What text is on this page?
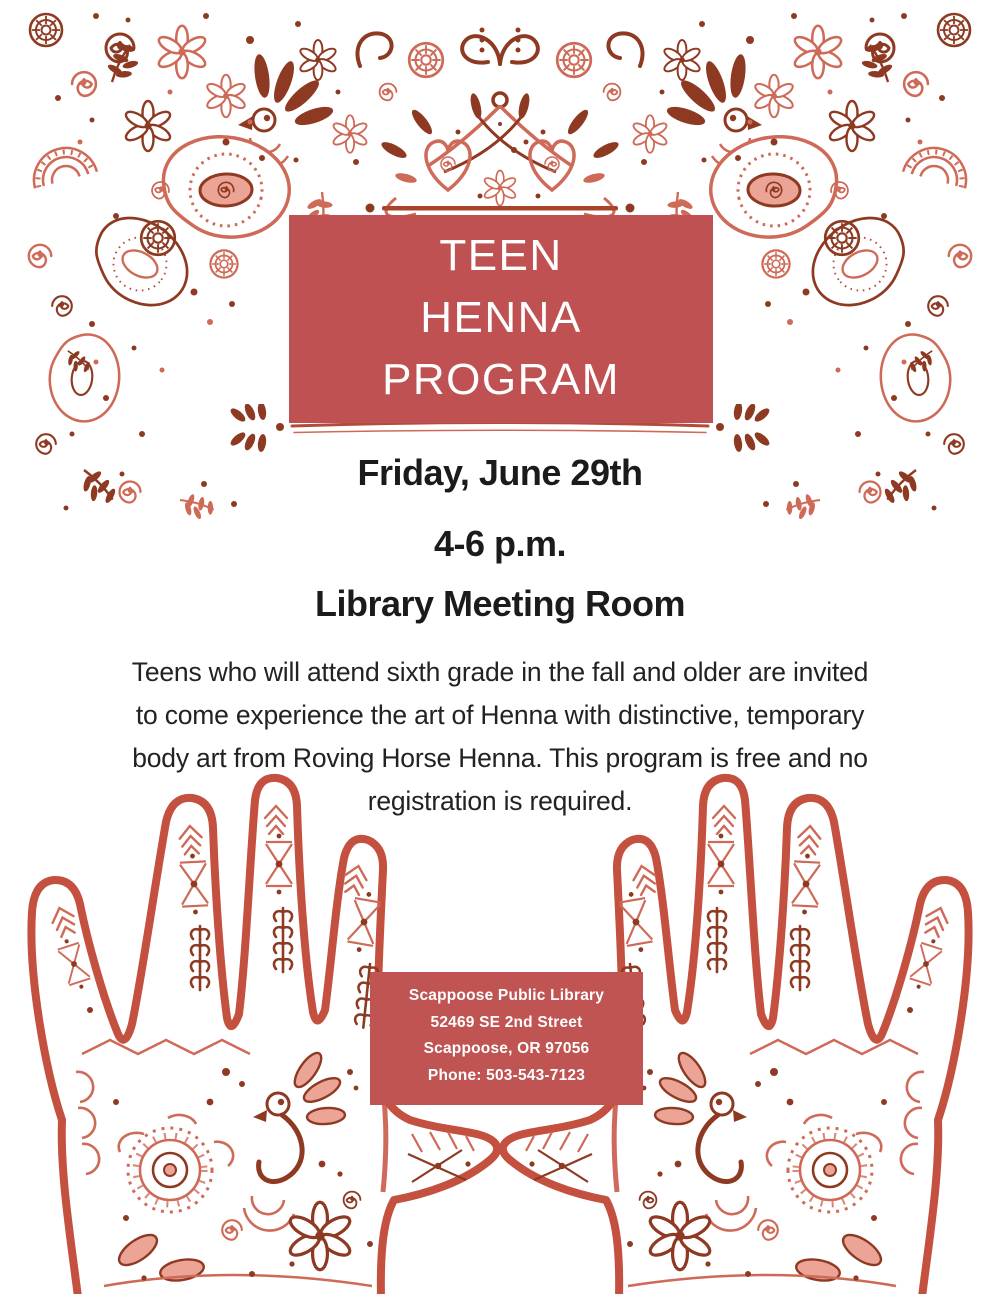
TEEN
HENNA
PROGRAM
Friday, June 29th
4-6 p.m.
Library Meeting Room
Teens who will attend sixth grade in the fall and older are invited
to come experience the art of Henna with distinctive, temporary
body art from Roving Horse Henna. This program is free and no
registration is required.
Scappoose Public Library
52469 SE 2nd Street
Scappoose, OR 97056
Phone: 503-543-7123
